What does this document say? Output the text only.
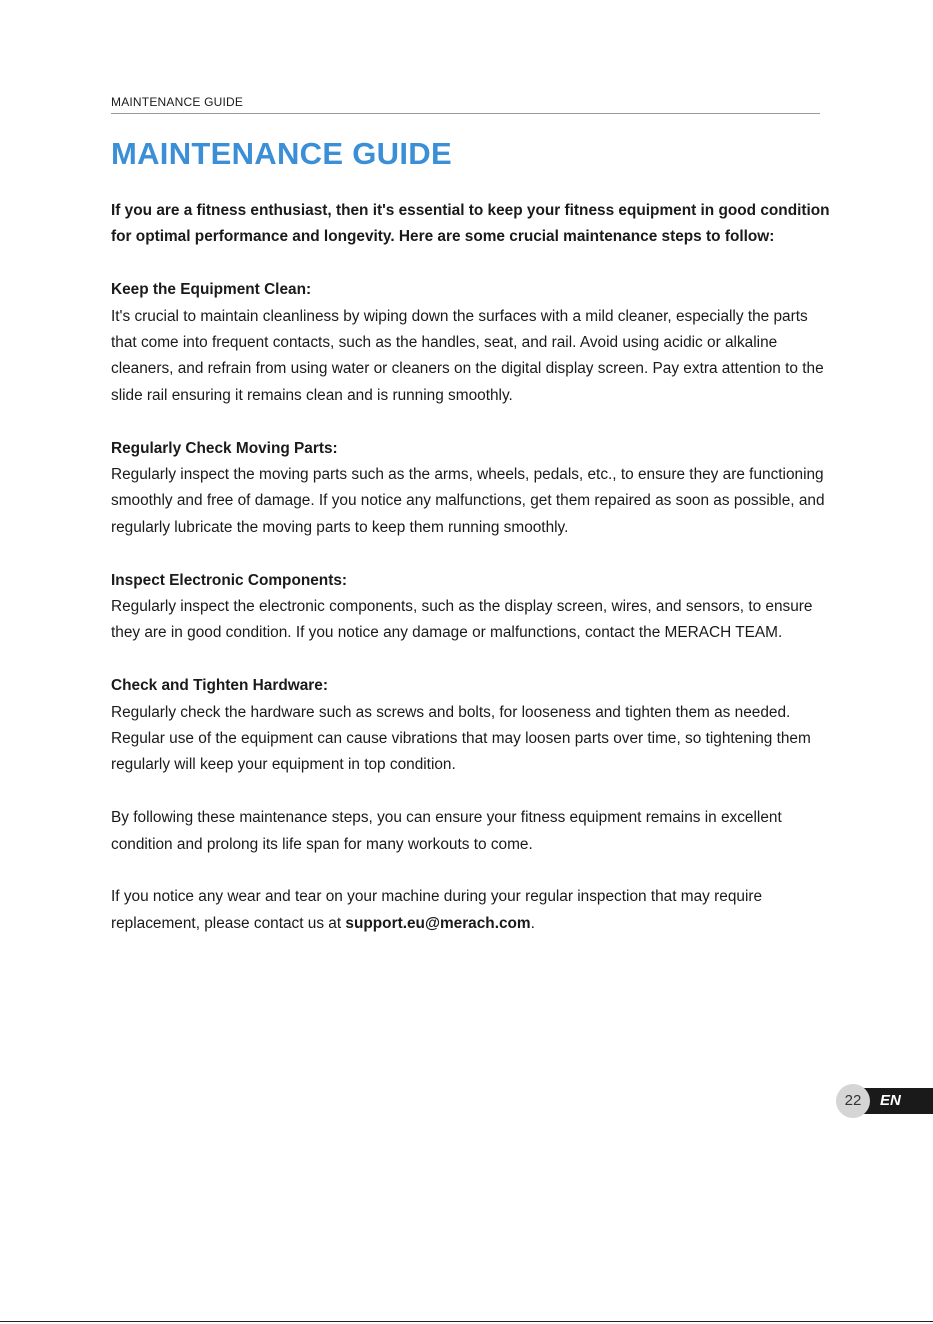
MAINTENANCE GUIDE
MAINTENANCE GUIDE

If you are a fitness enthusiast, then it's essential to keep your fitness equipment in good condition for optimal performance and longevity. Here are some crucial maintenance steps to follow:

Keep the Equipment Clean:

It's crucial to maintain cleanliness by wiping down the surfaces with a mild cleaner, especially the parts that come into frequent contacts, such as the handles, seat, and rail. Avoid using acidic or alkaline cleaners, and refrain from using water or cleaners on the digital display screen. Pay extra attention to the slide rail ensuring it remains clean and is running smoothly.

Regularly Check Moving Parts:

Regularly inspect the moving parts such as the arms, wheels, pedals, etc., to ensure they are functioning smoothly and free of damage. If you notice any malfunctions, get them repaired as soon as possible, and regularly lubricate the moving parts to keep them running smoothly.

Inspect Electronic Components:

Regularly inspect the electronic components, such as the display screen, wires, and sensors, to ensure they are in good condition. If you notice any damage or malfunctions, contact the MERACH TEAM.

Check and Tighten Hardware:

Regularly check the hardware such as screws and bolts, for looseness and tighten them as needed. Regular use of the equipment can cause vibrations that may loosen parts over time, so tightening them regularly will keep your equipment in top condition.

By following these maintenance steps, you can ensure your fitness equipment remains in excellent condition and prolong its life span for many workouts to come.

If you notice any wear and tear on your machine during your regular inspection that may require replacement, please contact us at support.eu@merach.com.

22	EN
